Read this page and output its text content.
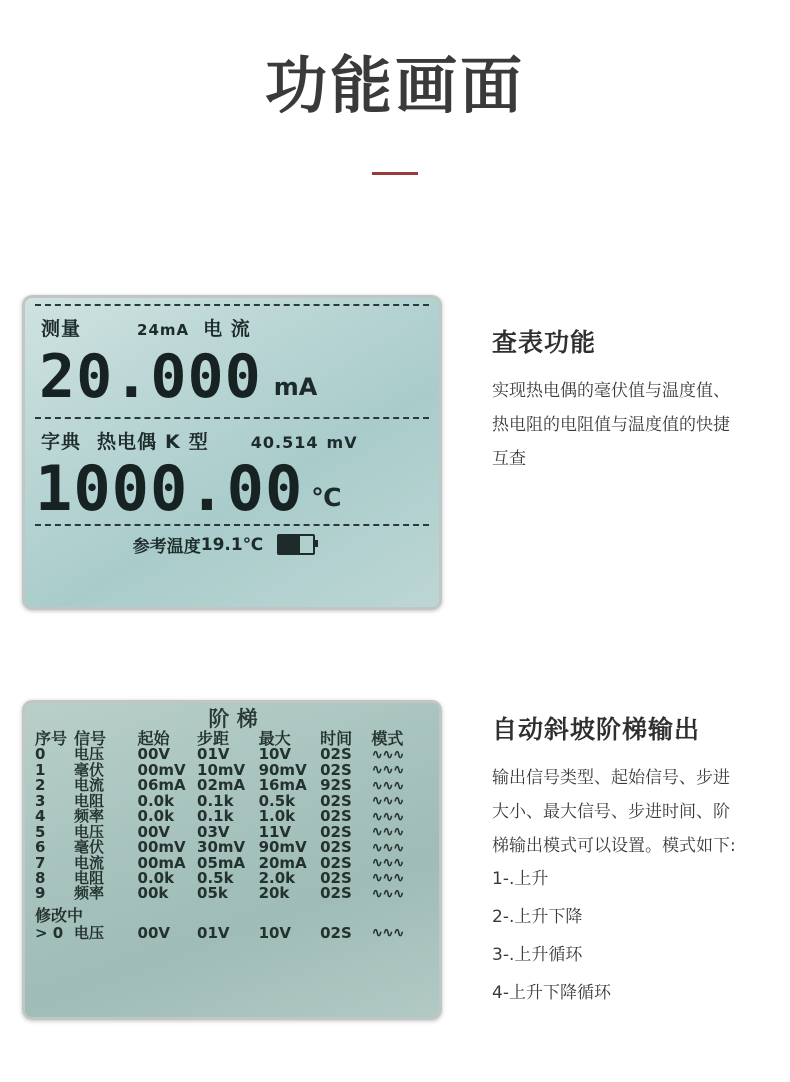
功能画面
测量	24mA 电 流
20.000 mA
字典 热电偶 K 型	40.514 mV
1000.00 ℃
参考温度 19.1℃
查表功能

实现热电偶的毫伏值与温度值、

热电阻的电阻值与温度值的快捷

互查

阶 梯
序号	信号	起始	步距	最大	时间	模式
0	电压	00V	01V	10V	02S	∿∿∿
1	毫伏	00mV	10mV	90mV	02S	∿∿∿
2	电流	06mA	02mA	16mA	92S	∿∿∿
3	电阻	0.0k	0.1k	0.5k	02S	∿∿∿
4	频率	0.0k	0.1k	1.0k	02S	∿∿∿
5	电压	00V	03V	11V	02S	∿∿∿
6	毫伏	00mV	30mV	90mV	02S	∿∿∿
7	电流	00mA	05mA	20mA	02S	∿∿∿
8	电阻	0.0k	0.5k	2.0k	02S	∿∿∿
9	频率	00k	05k	20k	02S	∿∿∿
修改中
> 0	电压	00V	01V	10V	02S	∿∿∿
自动斜坡阶梯输出

输出信号类型、起始信号、步进

大小、最大信号、步进时间、阶

梯输出模式可以设置。模式如下:

1-.上升

2-.上升下降

3-.上升循环

4-上升下降循环
